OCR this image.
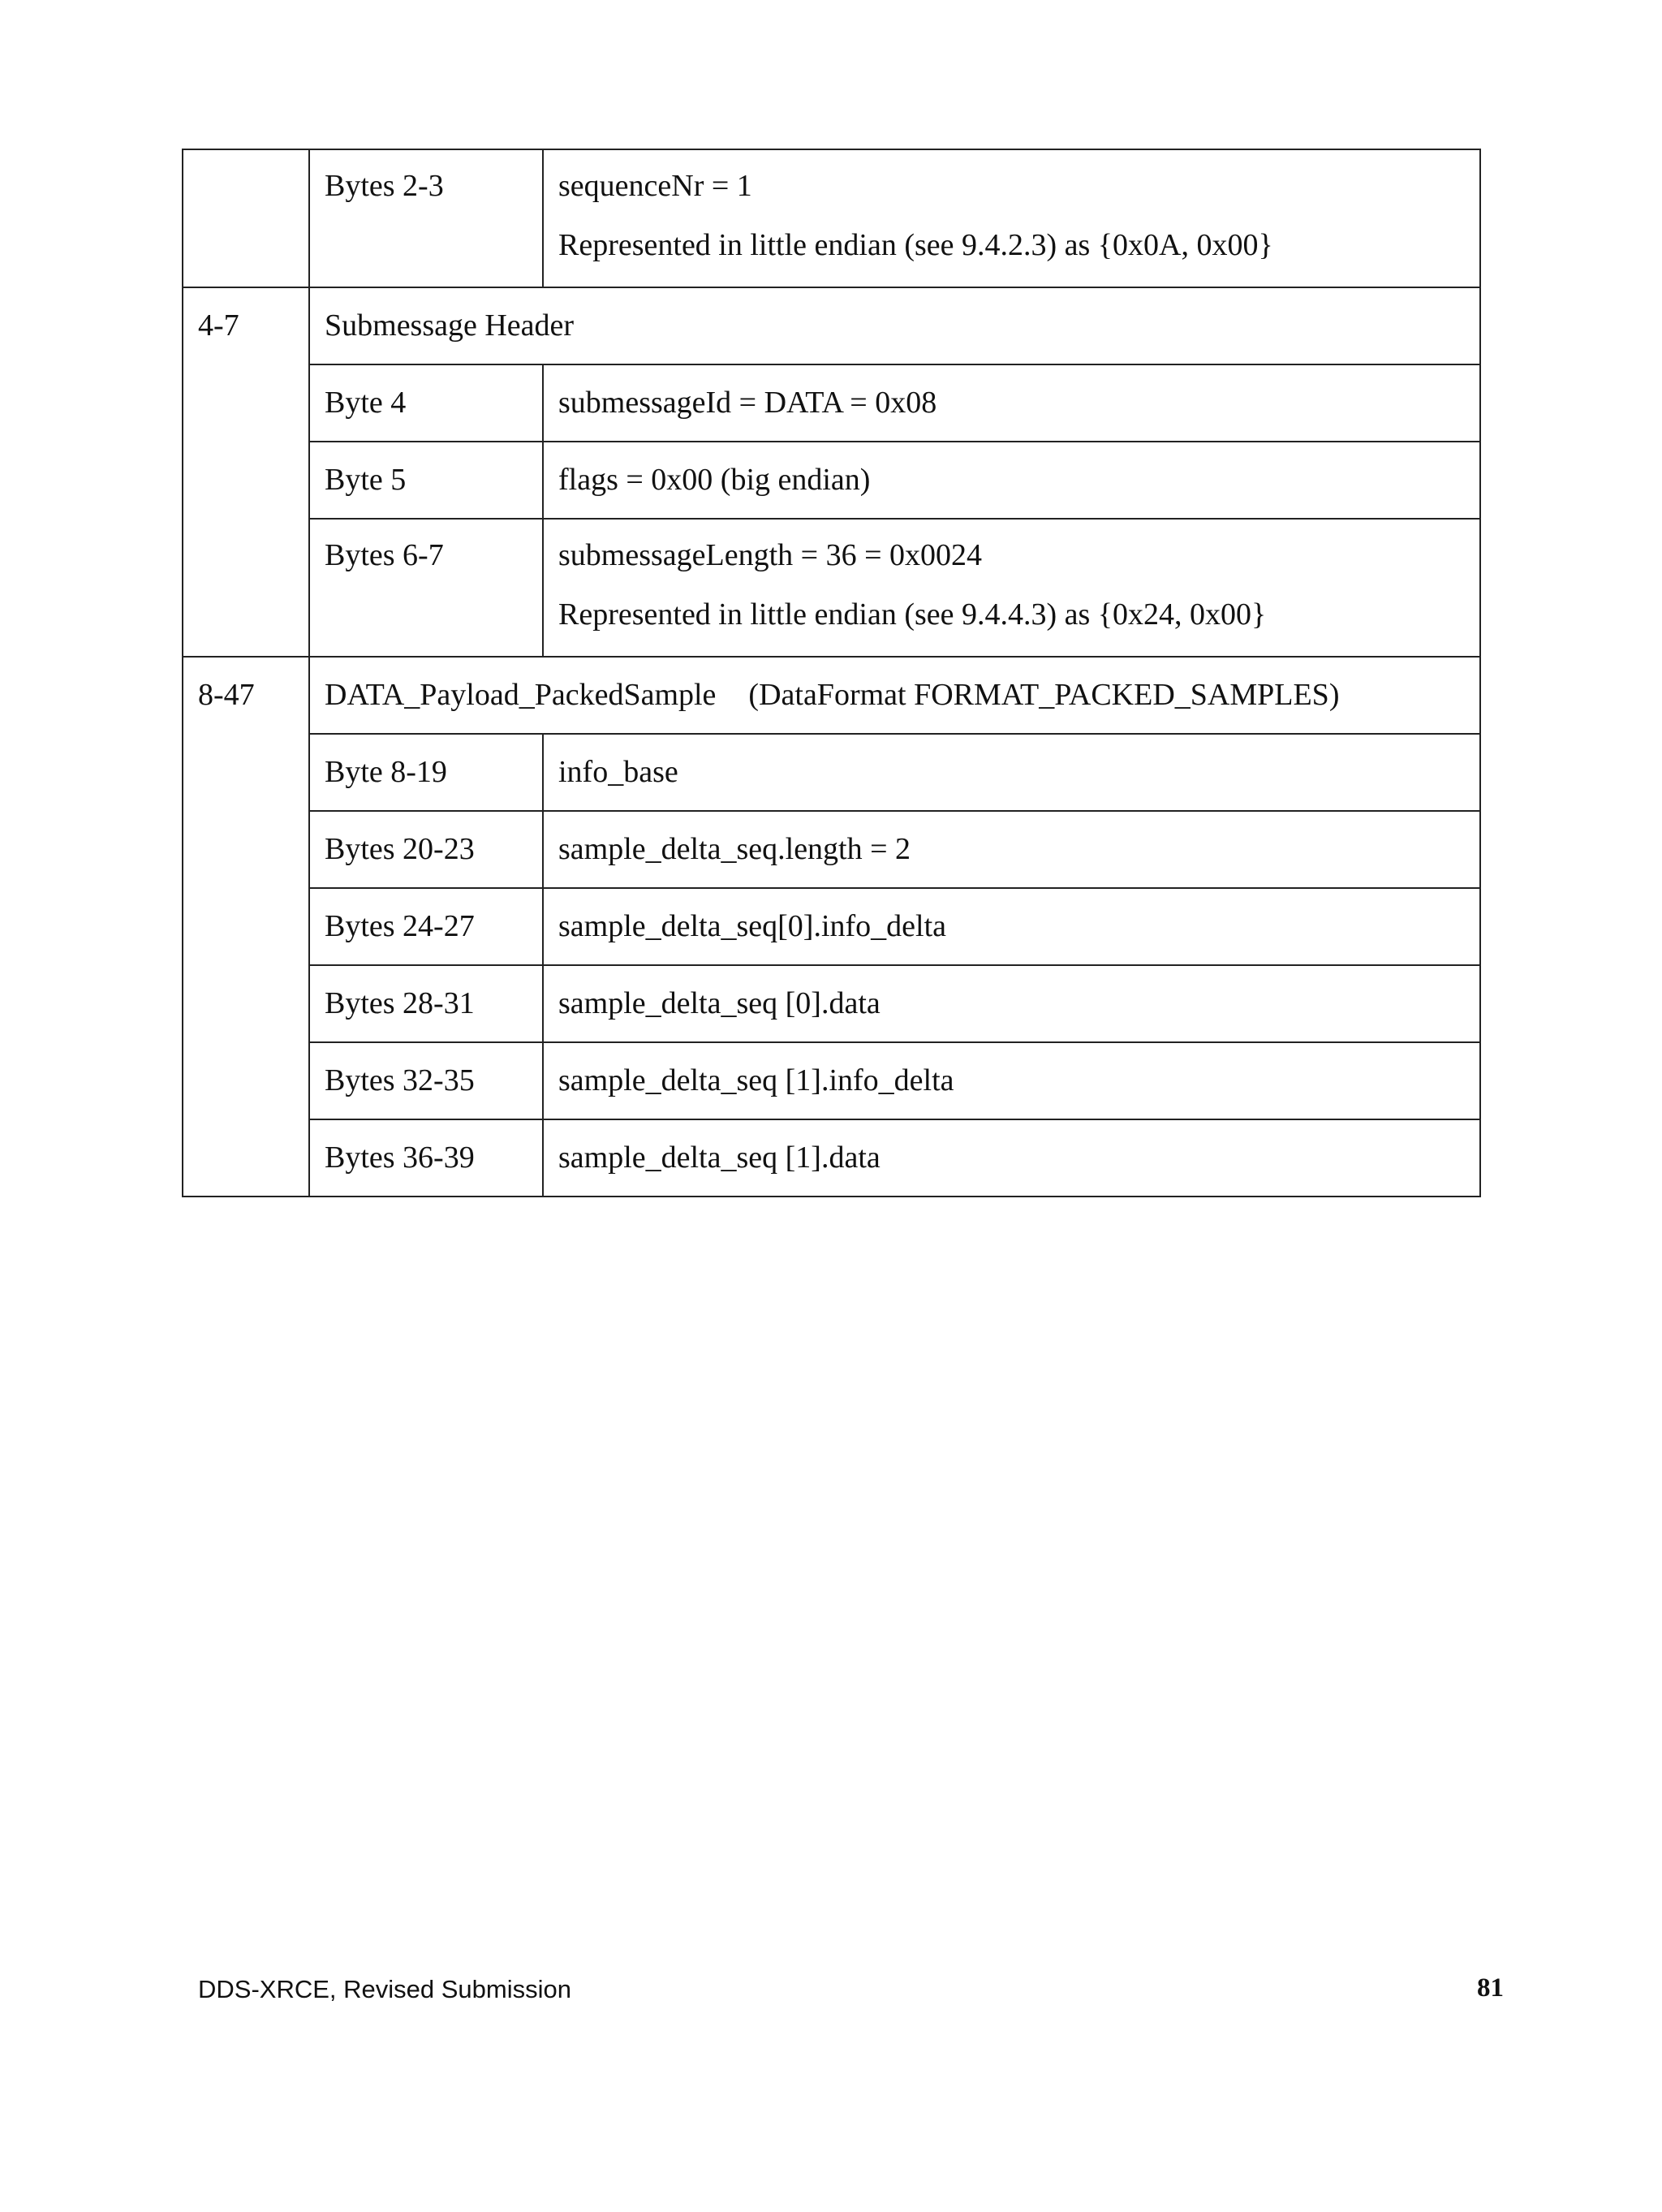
	Bytes 2-3	sequenceNr = 1
Represented in little endian (see 9.4.2.3) as {0x0A, 0x00}

4-7	Submessage Header	

	Byte 4	submessageId = DATA = 0x08

	Byte 5	flags = 0x00 (big endian)

	Bytes 6-7	submessageLength = 36 = 0x0024
Represented in little endian (see 9.4.4.3) as {0x24, 0x00}

8-47	DATA_Payload_PackedSample (DataFormat FORMAT_PACKED_SAMPLES)	

	Byte 8-19	info_base

	Bytes 20-23	sample_delta_seq.length = 2

	Bytes 24-27	sample_delta_seq[0].info_delta

	Bytes 28-31	sample_delta_seq [0].data

	Bytes 32-35	sample_delta_seq [1].info_delta

	Bytes 36-39	sample_delta_seq [1].data
DDS-XRCE, Revised Submission	81
